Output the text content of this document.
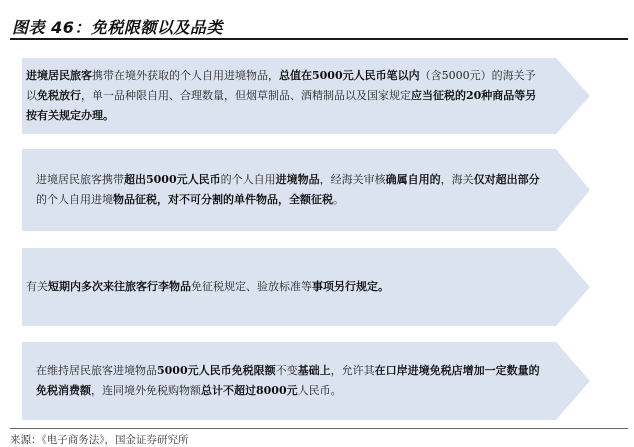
图表 46：免税限额以及品类

进境居民旅客携带在境外获取的个人自用进境物品，总值在5000元人民币笔以内（含5000元）的海关予以免税放行，单一品种限自用、合理数量，但烟草制品、酒精制品以及国家规定应当征税的20种商品等另按有关规定办理。

进境居民旅客携带超出5000元人民币的个人自用进境物品，经海关审核确属自用的，海关仅对超出部分的个人自用进境物品征税，对不可分割的单件物品，全额征税。

有关短期内多次来往旅客行李物品免征税规定、验放标准等事项另行规定。

在维持居民旅客进境物品5000元人民币免税限额不变基础上，允许其在口岸进境免税店增加一定数量的免税消费额，连同境外免税购物额总计不超过8000元人民币。

来源：《电子商务法》，国金证券研究所
